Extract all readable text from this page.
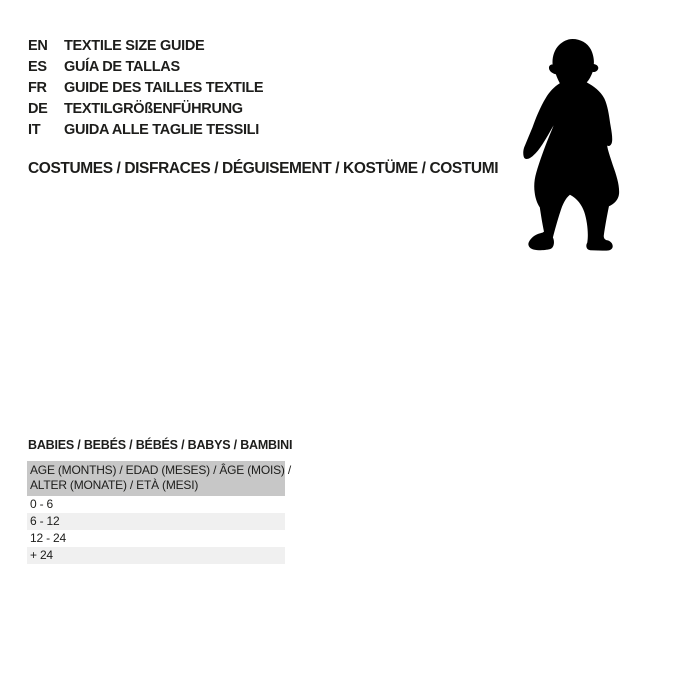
EN	TEXTILE SIZE GUIDE
ES	GUÍA DE TALLAS
FR	GUIDE DES TAILLES TEXTILE
DE	TEXTILGRÖßENFÜHRUNG
IT	GUIDA ALLE TAGLIE TESSILI
COSTUMES / DISFRACES / DÉGUISEMENT / KOSTÜME / COSTUMI
BABIES / BEBÉS / BÉBÉS / BABYS / BAMBINI
AGE (MONTHS) / EDAD (MESES) / ÂGE (MOIS) /
ALTER (MONATE) / ETÀ (MESI)
0 - 6
6 - 12
12 - 24
+ 24
